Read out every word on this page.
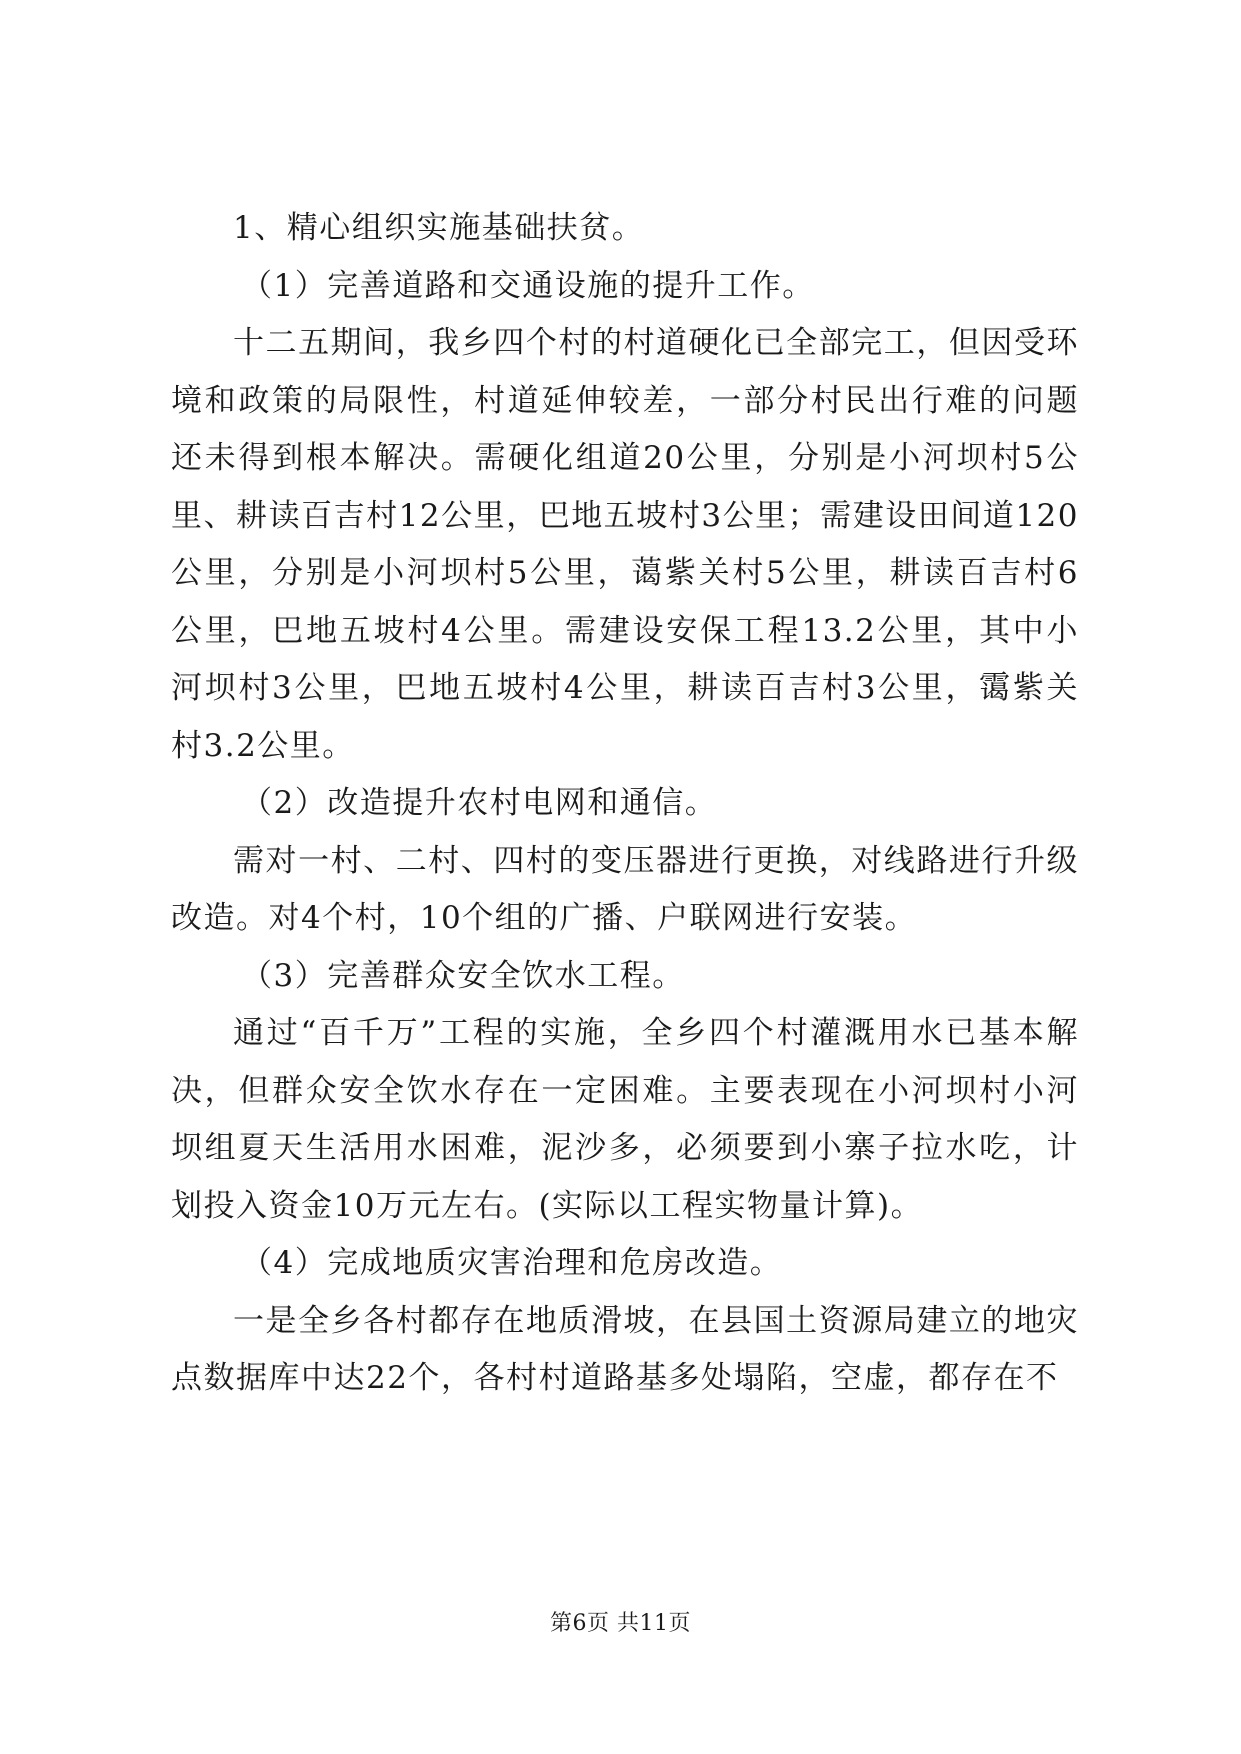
1、精心组织实施基础扶贫。

（1）完善道路和交通设施的提升工作。

十二五期间，我乡四个村的村道硬化已全部完工，但因受环境和政策的局限性，村道延伸较差，一部分村民出行难的问题还未得到根本解决。需硬化组道20公里，分别是小河坝村5公里、耕读百吉村12公里，巴地五坡村3公里；需建设田间道120公里，分别是小河坝村5公里，蔼紫关村5公里，耕读百吉村6公里，巴地五坡村4公里。需建设安保工程13.2公里，其中小河坝村3公里，巴地五坡村4公里，耕读百吉村3公里，霭紫关村3.2公里。

（2）改造提升农村电网和通信。

需对一村、二村、四村的变压器进行更换，对线路进行升级改造。对4个村，10个组的广播、户联网进行安装。

（3）完善群众安全饮水工程。

通过“百千万”工程的实施，全乡四个村灌溉用水已基本解决，但群众安全饮水存在一定困难。主要表现在小河坝村小河坝组夏天生活用水困难，泥沙多，必须要到小寨子拉水吃，计划投入资金10万元左右。(实际以工程实物量计算)。

（4）完成地质灾害治理和危房改造。

一是全乡各村都存在地质滑坡，在县国土资源局建立的地灾点数据库中达22个，各村村道路基多处塌陷，空虚，都存在不

第6页 共11页
